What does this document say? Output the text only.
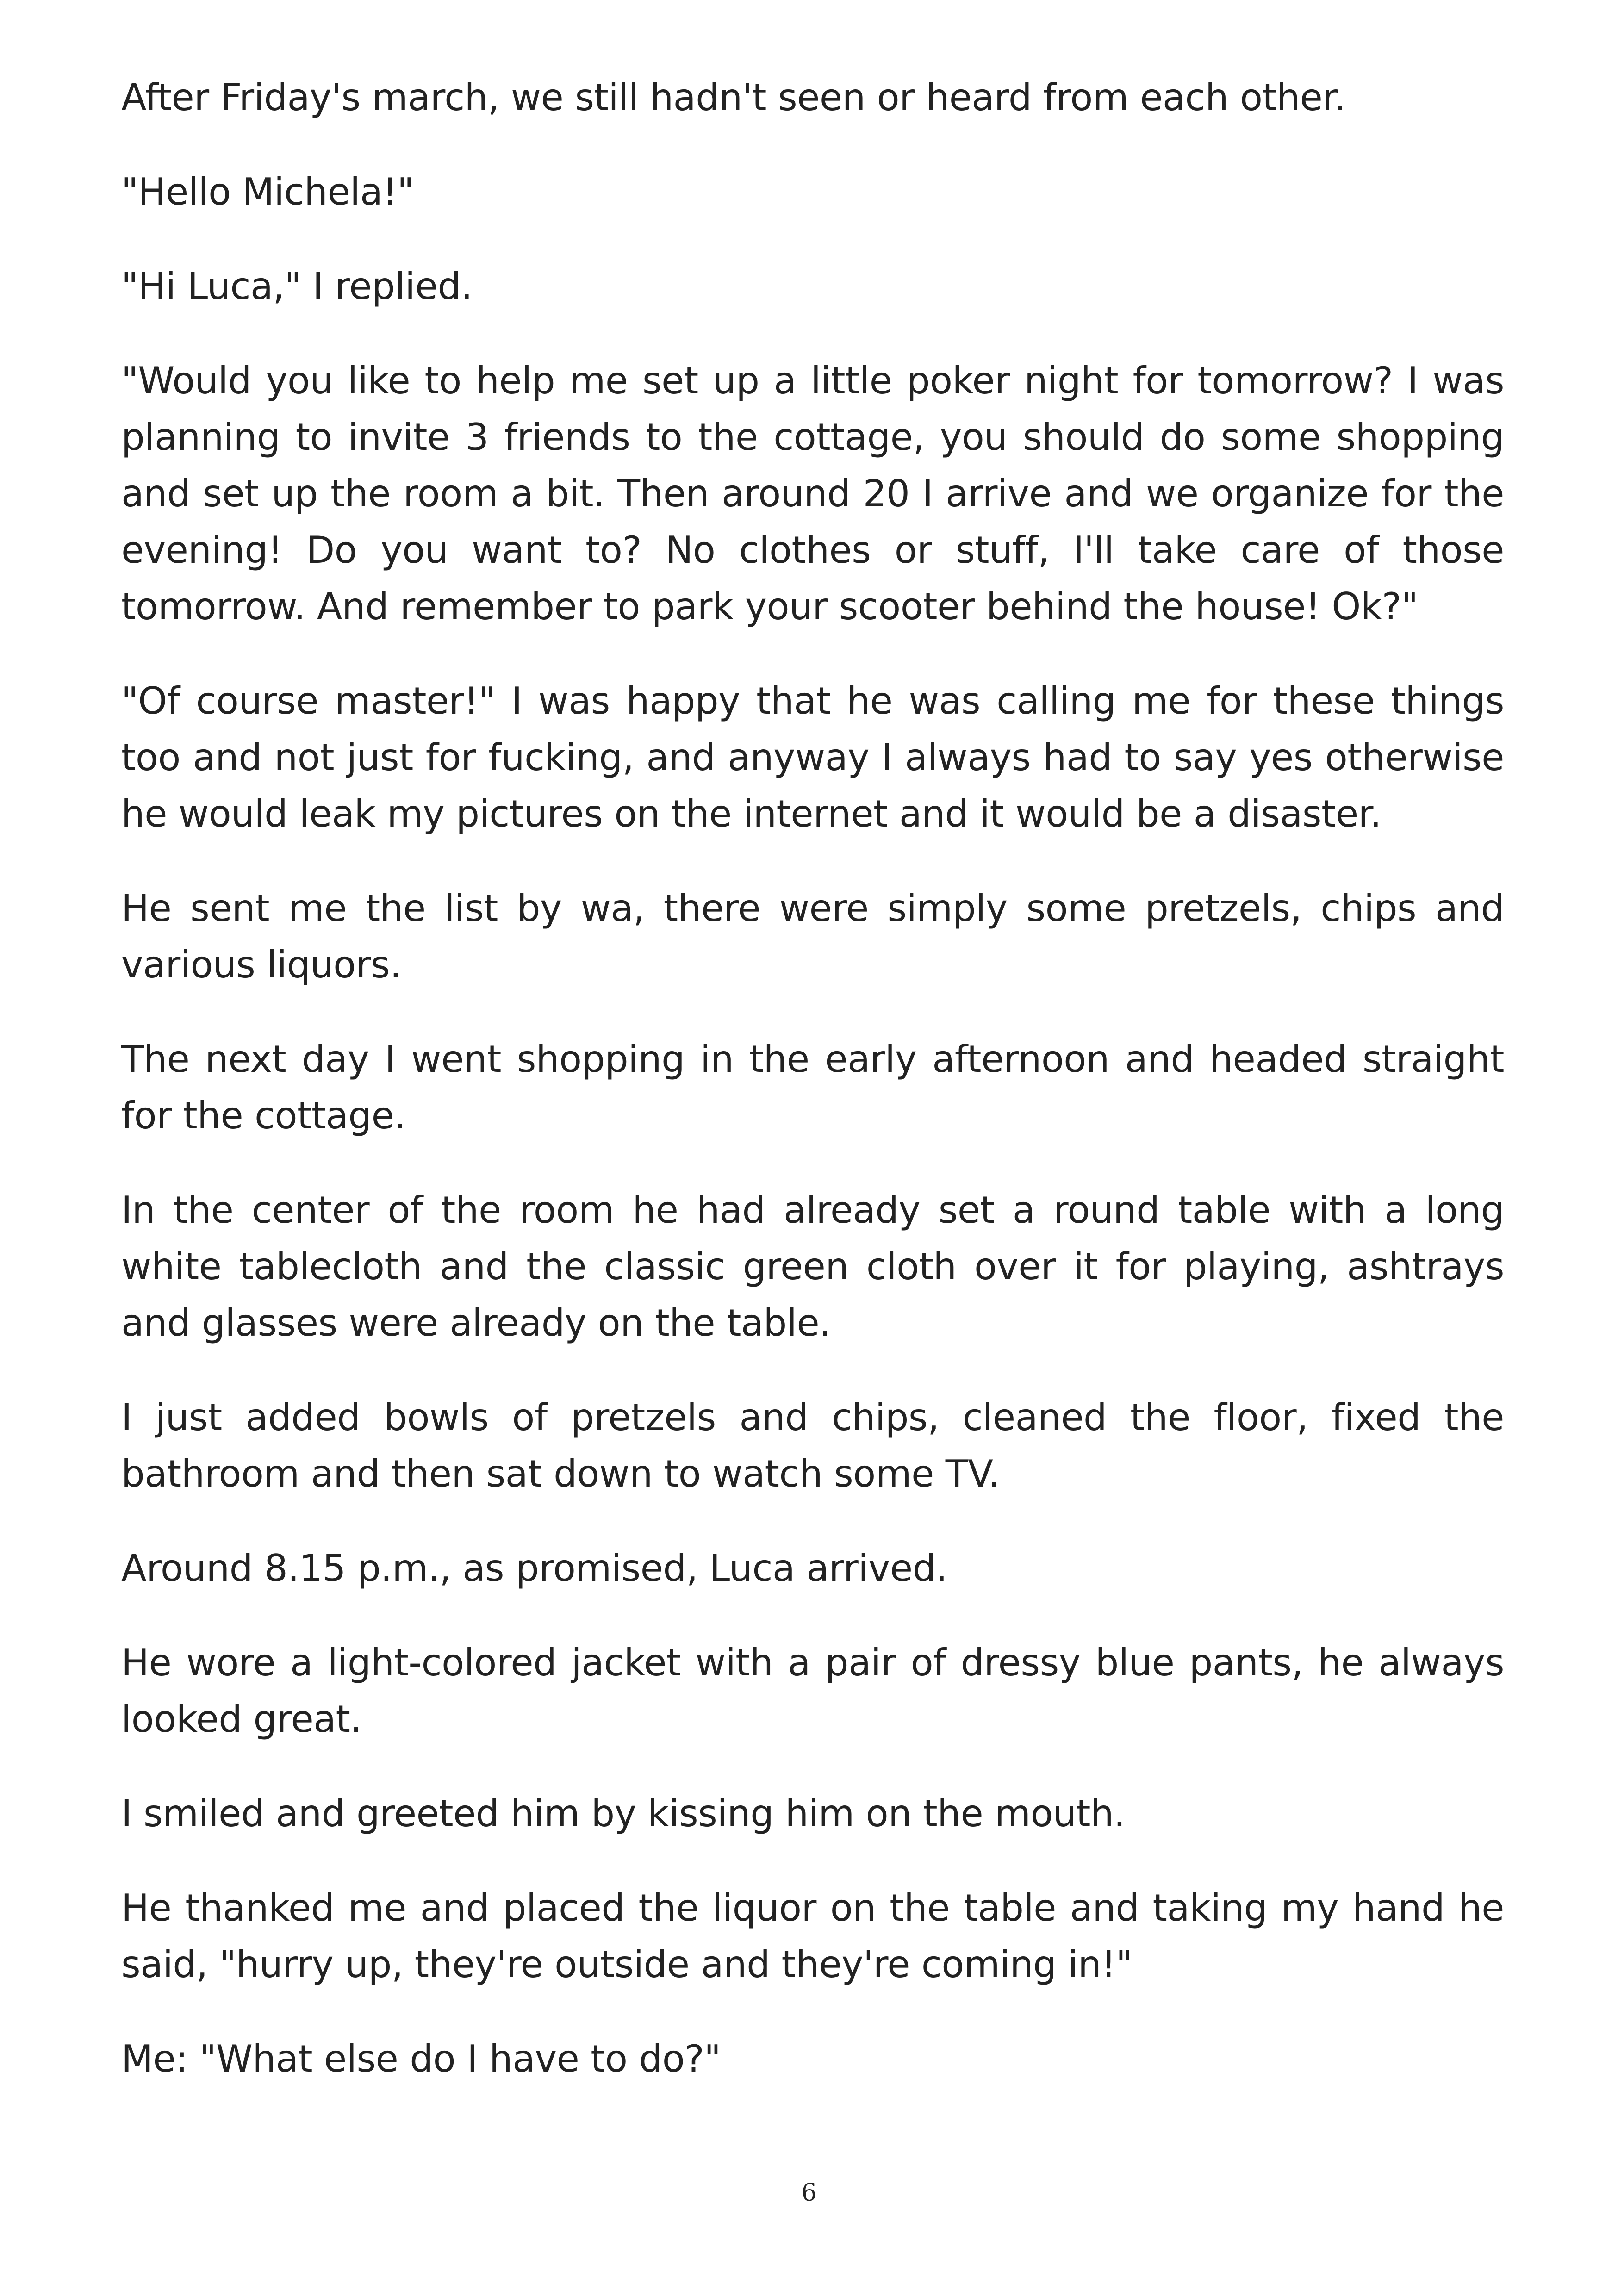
After Friday's march, we still hadn't seen or heard from each other.

"Hello Michela!"

"Hi Luca," I replied.

"Would you like to help me set up a little poker night for tomorrow? I was planning to invite 3 friends to the cottage, you should do some shopping and set up the room a bit. Then around 20 I arrive and we organize for the evening! Do you want to? No clothes or stuff, I'll take care of those tomorrow. And remember to park your scooter behind the house! Ok?"

"Of course master!" I was happy that he was calling me for these things too and not just for fucking, and anyway I always had to say yes otherwise he would leak my pictures on the internet and it would be a disaster.

He sent me the list by wa, there were simply some pretzels, chips and various liquors.

The next day I went shopping in the early afternoon and headed straight for the cottage.

In the center of the room he had already set a round table with a long white tablecloth and the classic green cloth over it for playing, ashtrays and glasses were already on the table.

I just added bowls of pretzels and chips, cleaned the floor, fixed the bathroom and then sat down to watch some TV.

Around 8.15 p.m., as promised, Luca arrived.

He wore a light-colored jacket with a pair of dressy blue pants, he always looked great.

I smiled and greeted him by kissing him on the mouth.

He thanked me and placed the liquor on the table and taking my hand he said, "hurry up, they're outside and they're coming in!"

Me: "What else do I have to do?"

6
